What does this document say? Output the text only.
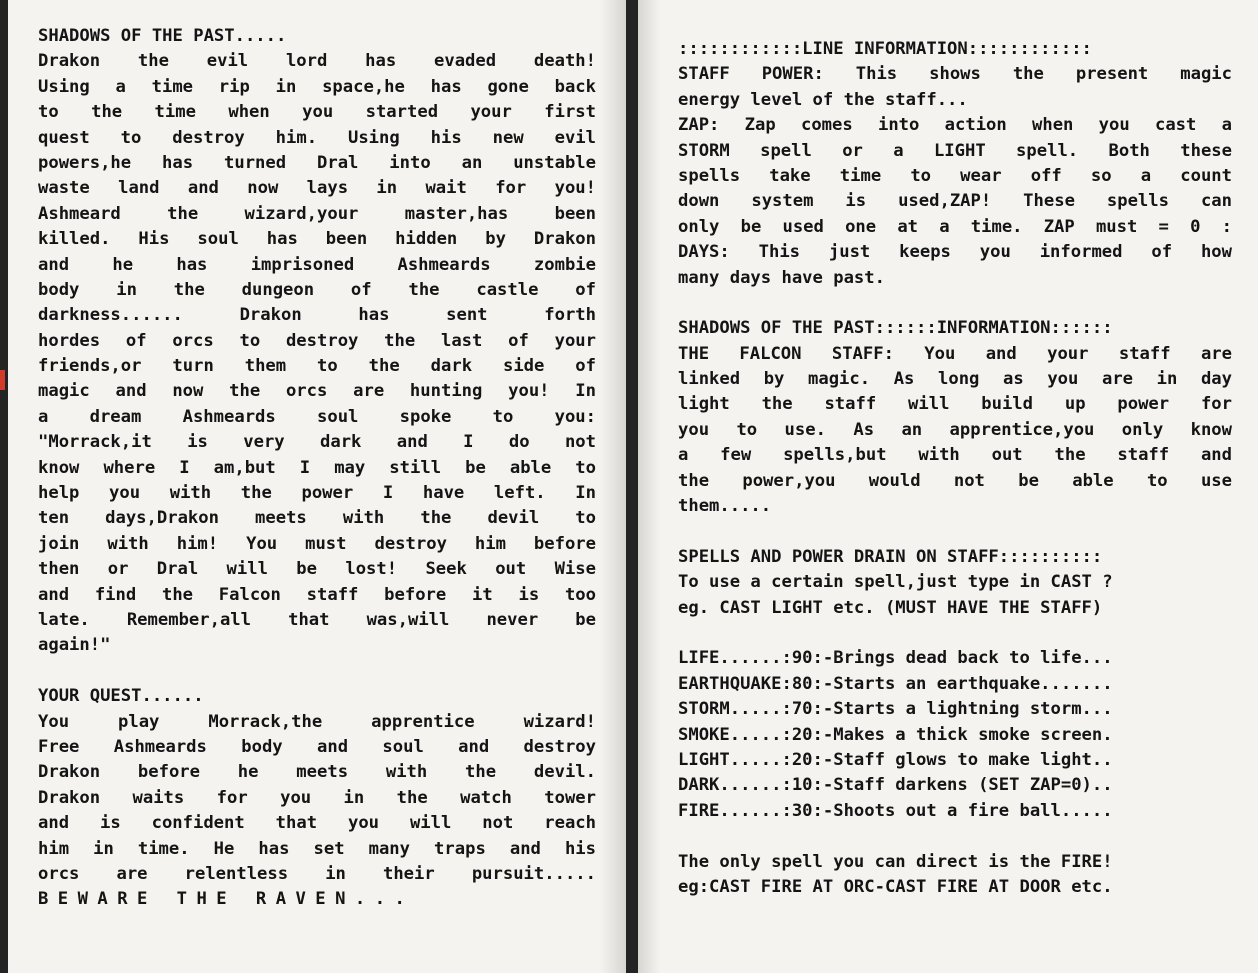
SHADOWS OF THE PAST.....
Drakon the evil lord has evaded death!
Using a time rip in space,he has gone back
to the time when you started your first
quest to destroy him. Using his new evil
powers,he has turned Dral into an unstable
waste land and now lays in wait for you!
Ashmeard the wizard,your master,has been
killed. His soul has been hidden by Drakon
and he has imprisoned Ashmeards zombie
body in the dungeon of the castle of
darkness...... Drakon has sent forth
hordes of orcs to destroy the last of your
friends,or turn them to the dark side of
magic and now the orcs are hunting you! In
a dream Ashmeards soul spoke to you:
"Morrack,it is very dark and I do not
know where I am,but I may still be able to
help you with the power I have left. In
ten days,Drakon meets with the devil to
join with him! You must destroy him before
then or Dral will be lost! Seek out Wise
and find the Falcon staff before it is too
late. Remember,all that was,will never be
again!"
YOUR QUEST......
You play Morrack,the apprentice wizard!
Free Ashmeards body and soul and destroy
Drakon before he meets with the devil.
Drakon waits for you in the watch tower
and is confident that you will not reach
him in time. He has set many traps and his
orcs are relentless in their pursuit.....
BEWARE THE RAVEN...
::::::::::::LINE INFORMATION::::::::::::
STAFF POWER: This shows the present magic
energy level of the staff...
ZAP: Zap comes into action when you cast a
STORM spell or a LIGHT spell. Both these
spells take time to wear off so a count
down system is used,ZAP! These spells can
only be used one at a time. ZAP must = 0 :
DAYS: This just keeps you informed of how
many days have past.
SHADOWS OF THE PAST::::::INFORMATION::::::
THE FALCON STAFF: You and your staff are
linked by magic. As long as you are in day
light the staff will build up power for
you to use. As an apprentice,you only know
a few spells,but with out the staff and
the power,you would not be able to use
them.....
SPELLS AND POWER DRAIN ON STAFF::::::::::
To use a certain spell,just type in CAST ?
eg. CAST LIGHT etc. (MUST HAVE THE STAFF)
LIFE......:90:-Brings dead back to life...
EARTHQUAKE:80:-Starts an earthquake.......
STORM.....:70:-Starts a lightning storm...
SMOKE.....:20:-Makes a thick smoke screen.
LIGHT.....:20:-Staff glows to make light..
DARK......:10:-Staff darkens (SET ZAP=0)..
FIRE......:30:-Shoots out a fire ball.....
The only spell you can direct is the FIRE!
eg:CAST FIRE AT ORC-CAST FIRE AT DOOR etc.
